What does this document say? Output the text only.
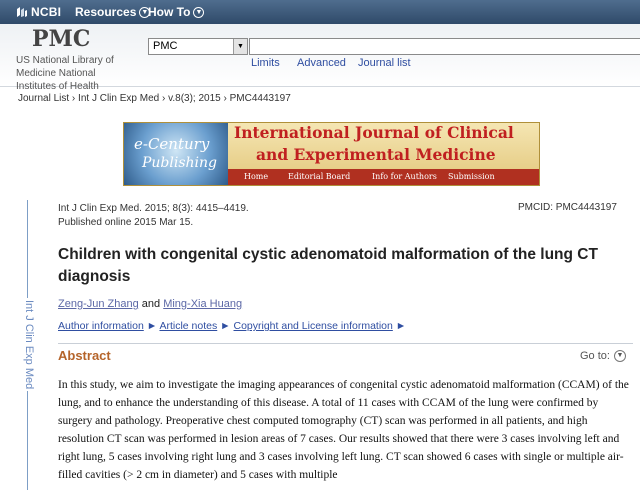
NCBI Resources ▼ How To ▼
PMC
US National Library of Medicine National Institutes of Health
PMC	▼
Limits Advanced Journal list
Journal List › Int J Clin Exp Med › v.8(3); 2015 › PMC4443197
e-Century
Publishing
International Journal of Clinical
and Experimental Medicine
Home Editorial Board	Info for Authors Submission
Int J Clin Exp Med
Int J Clin Exp Med. 2015; 8(3): 4415–4419.
Published online 2015 Mar 15.
PMCID: PMC4443197
Children with congenital cystic adenomatoid malformation of the lung CT diagnosis
Zeng-Jun Zhang and Ming-Xia Huang
Author information ► Article notes ► Copyright and License information ►
Abstract	Go to: ▼

In this study, we aim to investigate the imaging appearances of congenital cystic adenomatoid malformation (CCAM) of the lung, and to enhance the understanding of this disease. A total of 11 cases with CCAM of the lung were confirmed by surgery and pathology. Preoperative chest computed tomography (CT) scan was performed in all patients, and high resolution CT scan was performed in lesion areas of 7 cases. Our results showed that there were 3 cases involving left and right lung, 5 cases involving right lung and 3 cases involving left lung. CT scan showed 6 cases with single or multiple air-filled cavities (> 2 cm in diameter) and 5 cases with multiple
